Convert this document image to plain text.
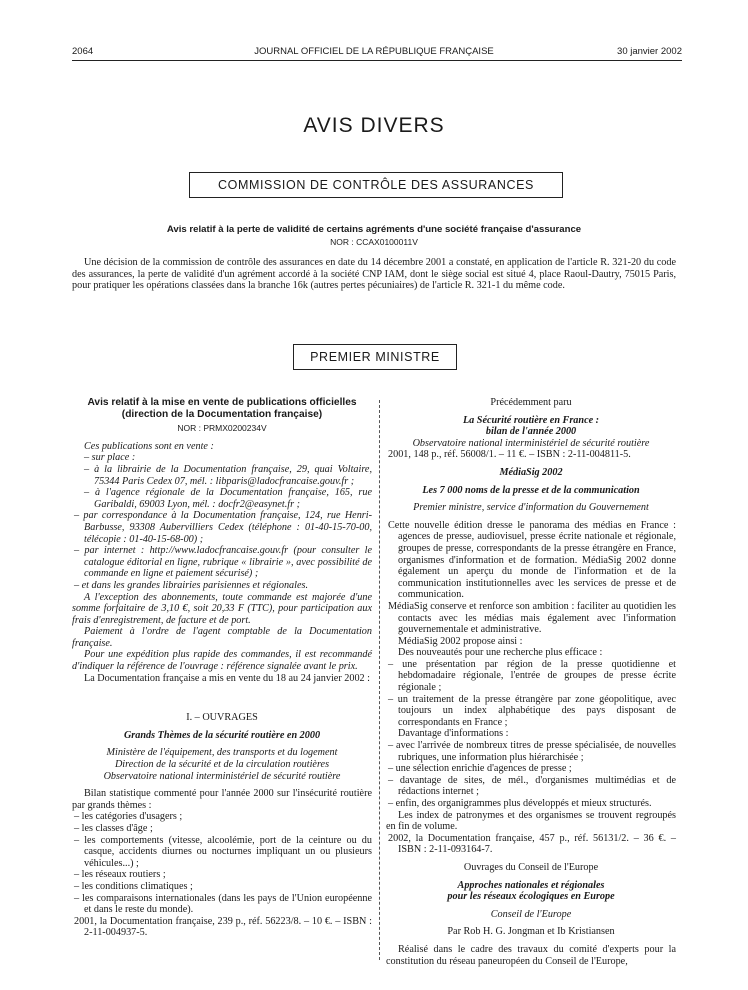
2064	JOURNAL OFFICIEL DE LA RÉPUBLIQUE FRANÇAISE	30 janvier 2002
AVIS DIVERS
COMMISSION DE CONTRÔLE DES ASSURANCES
Avis relatif à la perte de validité de certains agréments d'une société française d'assurance
NOR : CCAX0100011V
Une décision de la commission de contrôle des assurances en date du 14 décembre 2001 a constaté, en application de l'article R. 321-20 du code des assurances, la perte de validité d'un agrément accordé à la société CNP IAM, dont le siège social est situé 4, place Raoul-Dautry, 75015 Paris, pour pratiquer les opérations classées dans la branche 16k (autres pertes pécuniaires) de l'article R. 321-1 du même code.
PREMIER MINISTRE

Avis relatif à la mise en vente de publications officielles

(direction de la Documentation française)

NOR : PRMX0200234V

Ces publications sont en vente :

– sur place :

– à la librairie de la Documentation française, 29, quai Voltaire, 75344 Paris Cedex 07, mél. : libparis@ladocfrancaise.gouv.fr ;

– à l'agence régionale de la Documentation française, 165, rue Garibaldi, 69003 Lyon, mél. : docfr2@easynet.fr ;

– par correspondance à la Documentation française, 124, rue Henri-Barbusse, 93308 Aubervilliers Cedex (téléphone : 01-40-15-70-00, télécopie : 01-40-15-68-00) ;

– par internet : http://www.ladocfrancaise.gouv.fr (pour consulter le catalogue éditorial en ligne, rubrique « librairie », avec possibilité de commande en ligne et paiement sécurisé) ;

– et dans les grandes librairies parisiennes et régionales.

A l'exception des abonnements, toute commande est majorée d'une somme forfaitaire de 3,10 €, soit 20,33 F (TTC), pour participation aux frais d'enregistrement, de facture et de port.

Paiement à l'ordre de l'agent comptable de la Documentation française.

Pour une expédition plus rapide des commandes, il est recommandé d'indiquer la référence de l'ouvrage : référence signalée avant le prix.

La Documentation française a mis en vente du 18 au 24 janvier 2002 :

I. – OUVRAGES

Grands Thèmes de la sécurité routière en 2000

Ministère de l'équipement, des transports et du logement

Direction de la sécurité et de la circulation routières

Observatoire national interministériel de sécurité routière

Bilan statistique commenté pour l'année 2000 sur l'insécurité routière par grands thèmes :

– les catégories d'usagers ;

– les classes d'âge ;

– les comportements (vitesse, alcoolémie, port de la ceinture ou du casque, accidents diurnes ou nocturnes impliquant un ou plusieurs véhicules...) ;

– les réseaux routiers ;

– les conditions climatiques ;

– les comparaisons internationales (dans les pays de l'Union européenne et dans le reste du monde).

2001, la Documentation française, 239 p., réf. 56223/8. – 10 €. – ISBN : 2-11-004937-5.

Précédemment paru

La Sécurité routière en France :

bilan de l'année 2000

Observatoire national interministériel de sécurité routière

2001, 148 p., réf. 56008/1. – 11 €. – ISBN : 2-11-004811-5.

MédiaSig 2002

Les 7 000 noms de la presse et de la communication

Premier ministre, service d'information du Gouvernement

Cette nouvelle édition dresse le panorama des médias en France : agences de presse, audiovisuel, presse écrite nationale et régionale, groupes de presse, correspondants de la presse étrangère en France, organismes d'information et de formation. MédiaSig 2002 donne également un aperçu du monde de l'information et de la communication institutionnelles avec les services de presse et de communication.

MédiaSig conserve et renforce son ambition : faciliter au quotidien les contacts avec les médias mais également avec l'information gouvernementale et administrative.

MédiaSig 2002 propose ainsi :

Des nouveautés pour une recherche plus efficace :

– une présentation par région de la presse quotidienne et hebdomadaire régionale, l'entrée de groupes de presse écrite régionale ;

– un traitement de la presse étrangère par zone géopolitique, avec toujours un index alphabétique des pays disposant de correspondants en France ;

Davantage d'informations :

– avec l'arrivée de nombreux titres de presse spécialisée, de nouvelles rubriques, une information plus hiérarchisée ;

– une sélection enrichie d'agences de presse ;

– davantage de sites, de mél., d'organismes multimédias et de rédactions internet ;

– enfin, des organigrammes plus développés et mieux structurés.

Les index de patronymes et des organismes se trouvent regroupés en fin de volume.

2002, la Documentation française, 457 p., réf. 56131/2. – 36 €. – ISBN : 2-11-093164-7.

Ouvrages du Conseil de l'Europe

Approches nationales et régionales

pour les réseaux écologiques en Europe

Conseil de l'Europe

Par Rob H. G. Jongman et Ib Kristiansen

Réalisé dans le cadre des travaux du comité d'experts pour la constitution du réseau paneuropéen du Conseil de l'Europe,
